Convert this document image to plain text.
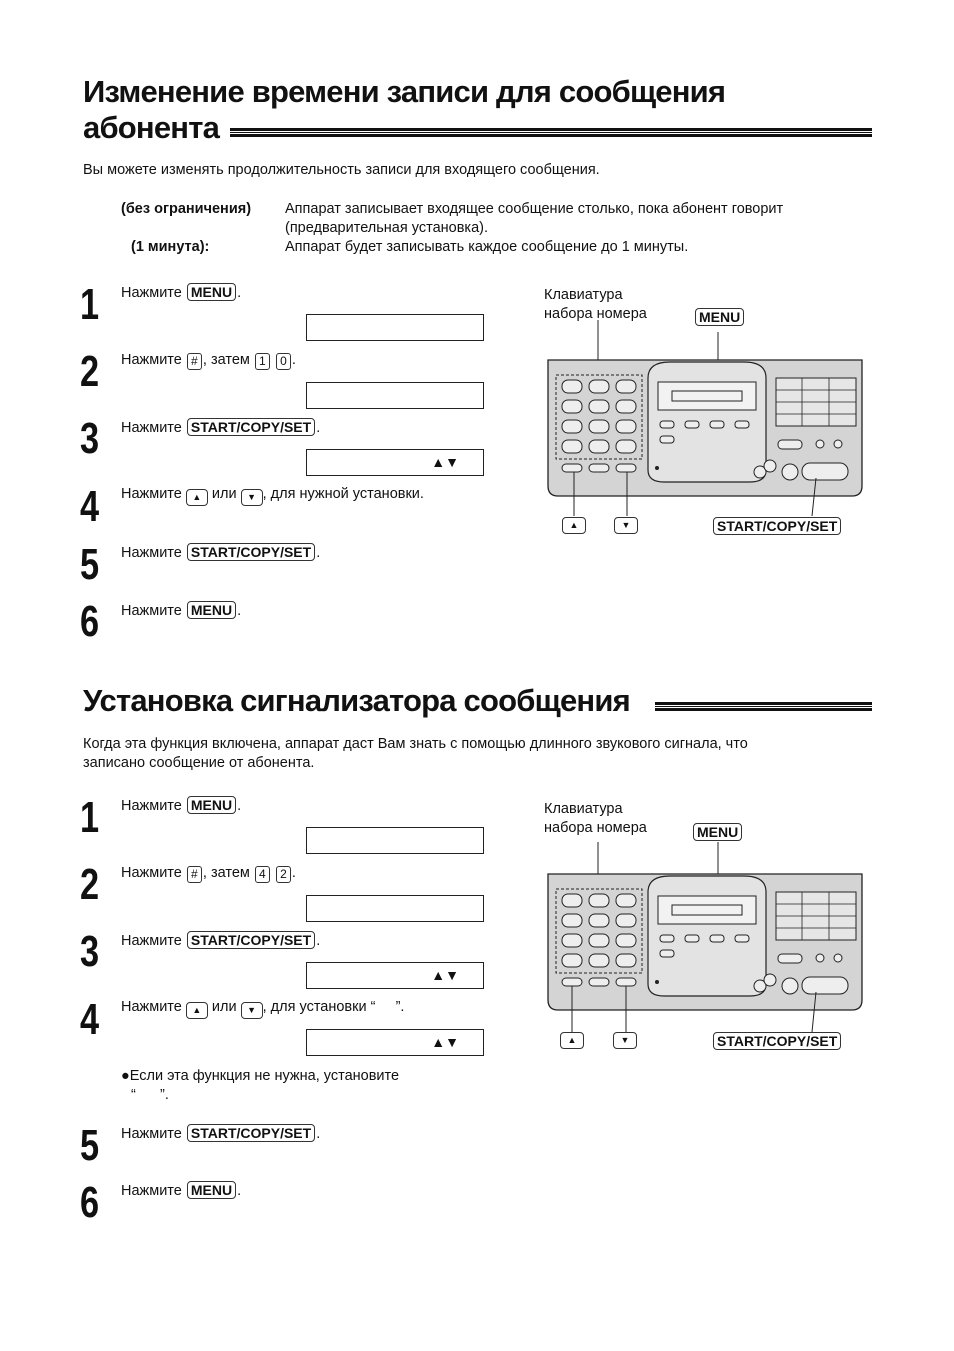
Изменение времени записи для сообщения
абонента
Вы можете изменять продолжительность записи для входящего сообщения.
(без ограничения) Аппарат записывает входящее сообщение столько, пока абонент говорит
(предварительная установка).
(1 минута):	Аппарат будет записывать каждое сообщение до 1 минуты.
1 Нажмите MENU .
2 Нажмите # , затем 1 0 .
3 Нажмите START/COPY/SET .
▲▼
4 Нажмите ▲ или ▼ , для нужной установки.
5 Нажмите START/COPY/SET .
6 Нажмите MENU .
Клавиатура
набора номера	MENU
▲	▼	START/COPY/SET
Установка сигнализатора сообщения
Когда эта функция включена, аппарат даст Вам знать с помощью длинного звукового сигнала, что
записано сообщение от абонента.
1 Нажмите MENU .
2 Нажмите # , затем 4 2 .
3 Нажмите START/COPY/SET .
▲▼
4 Нажмите ▲ или ▼ , для установки “     ”.
▲▼
●Если эта функция не нужна, установите
“      ”.
5 Нажмите START/COPY/SET .
6 Нажмите MENU .
Клавиатура
набора номера	MENU
▲	▼	START/COPY/SET
